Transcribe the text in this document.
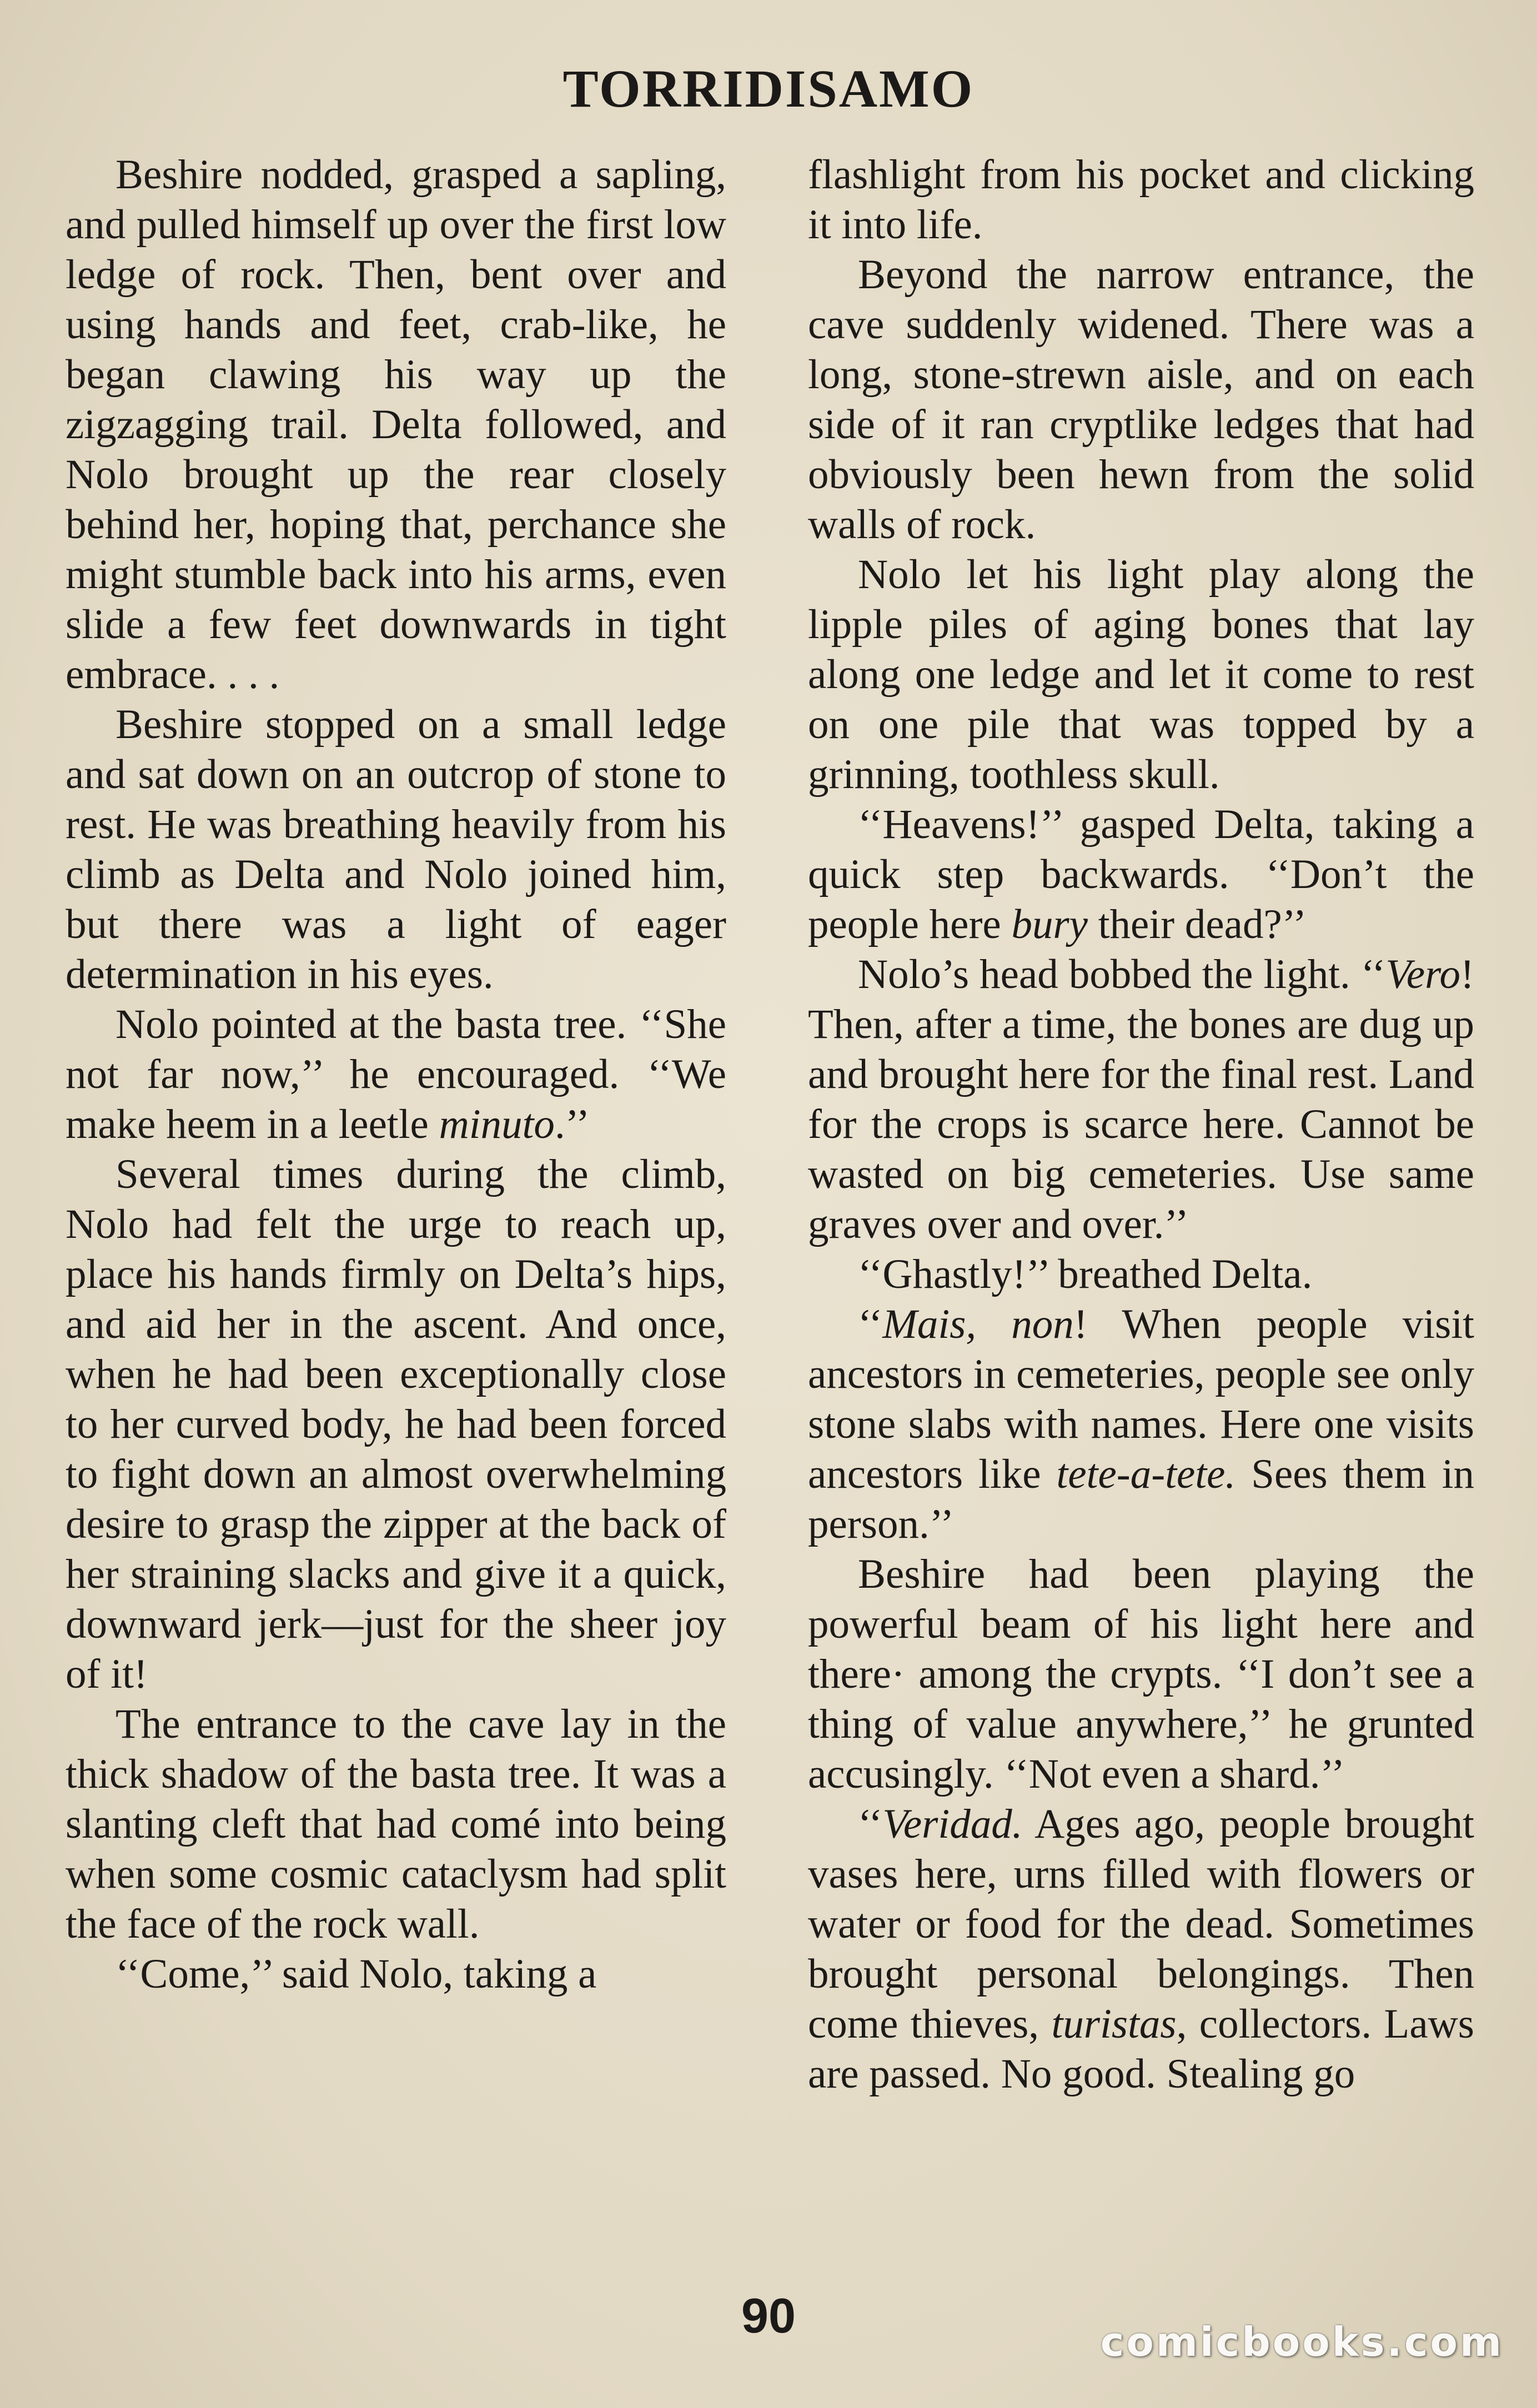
TORRIDISAMO

Beshire nodded, grasped a sapling, and pulled himself up over the first low ledge of rock. Then, bent over and using hands and feet, crab-like, he began clawing his way up the zigzagging trail. Delta followed, and Nolo brought up the rear closely behind her, hoping that, perchance she might stumble back into his arms, even slide a few feet downwards in tight embrace. . . .

Beshire stopped on a small ledge and sat down on an outcrop of stone to rest. He was breathing heavily from his climb as Delta and Nolo joined him, but there was a light of eager determination in his eyes.

Nolo pointed at the basta tree. ‘‘She not far now,’’ he encouraged. ‘‘We make heem in a leetle minuto.’’

Several times during the climb, Nolo had felt the urge to reach up, place his hands firmly on Delta’s hips, and aid her in the ascent. And once, when he had been exceptionally close to her curved body, he had been forced to fight down an almost overwhelming desire to grasp the zipper at the back of her straining slacks and give it a quick, downward jerk—just for the sheer joy of it!

The entrance to the cave lay in the thick shadow of the basta tree. It was a slanting cleft that had comé into being when some cosmic cataclysm had split the face of the rock wall.

‘‘Come,’’ said Nolo, taking a

flashlight from his pocket and clicking it into life.

Beyond the narrow entrance, the cave suddenly widened. There was a long, stone-strewn aisle, and on each side of it ran cryptlike ledges that had obviously been hewn from the solid walls of rock.

Nolo let his light play along the lipple piles of aging bones that lay along one ledge and let it come to rest on one pile that was topped by a grinning, toothless skull.

‘‘Heavens!’’ gasped Delta, taking a quick step backwards. ‘‘Don’t the people here bury their dead?’’

Nolo’s head bobbed the light. ‘‘Vero! Then, after a time, the bones are dug up and brought here for the final rest. Land for the crops is scarce here. Cannot be wasted on big cemeteries. Use same graves over and over.’’

‘‘Ghastly!’’ breathed Delta.

‘‘Mais, non! When people visit ancestors in cemeteries, people see only stone slabs with names. Here one visits ancestors like tete-a-tete. Sees them in person.’’

Beshire had been playing the powerful beam of his light here and there· among the crypts. ‘‘I don’t see a thing of value anywhere,’’ he grunted accusingly. ‘‘Not even a shard.’’

‘‘Veridad. Ages ago, people brought vases here, urns filled with flowers or water or food for the dead. Sometimes brought personal belongings. Then come thieves, turistas, collectors. Laws are passed. No good. Stealing go

90	comicbooks.com
